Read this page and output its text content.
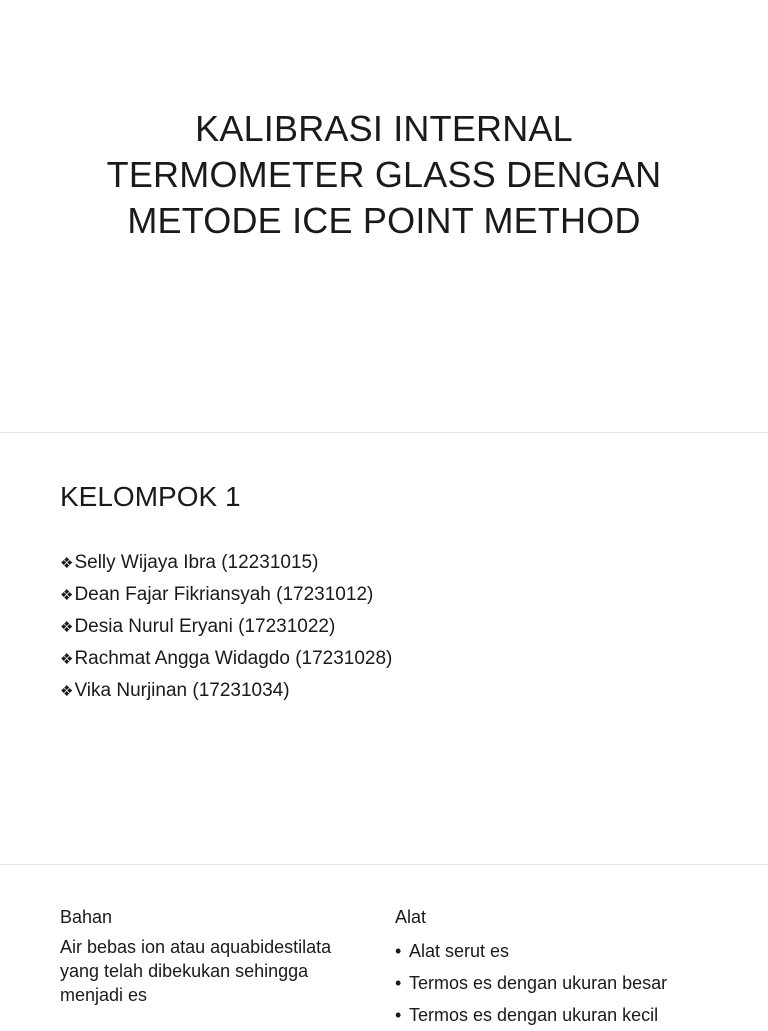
KALIBRASI INTERNAL
TERMOMETER GLASS DENGAN
METODE ICE POINT METHOD
KELOMPOK 1
❖Selly Wijaya Ibra (12231015)
❖Dean Fajar Fikriansyah (17231012)
❖Desia Nurul Eryani (17231022)
❖Rachmat Angga Widagdo (17231028)
❖Vika Nurjinan (17231034)
Bahan
Air bebas ion atau aquabidestilata yang telah dibekukan sehingga menjadi es
Alat
• Alat serut es
• Termos es dengan ukuran besar
• Termos es dengan ukuran kecil
